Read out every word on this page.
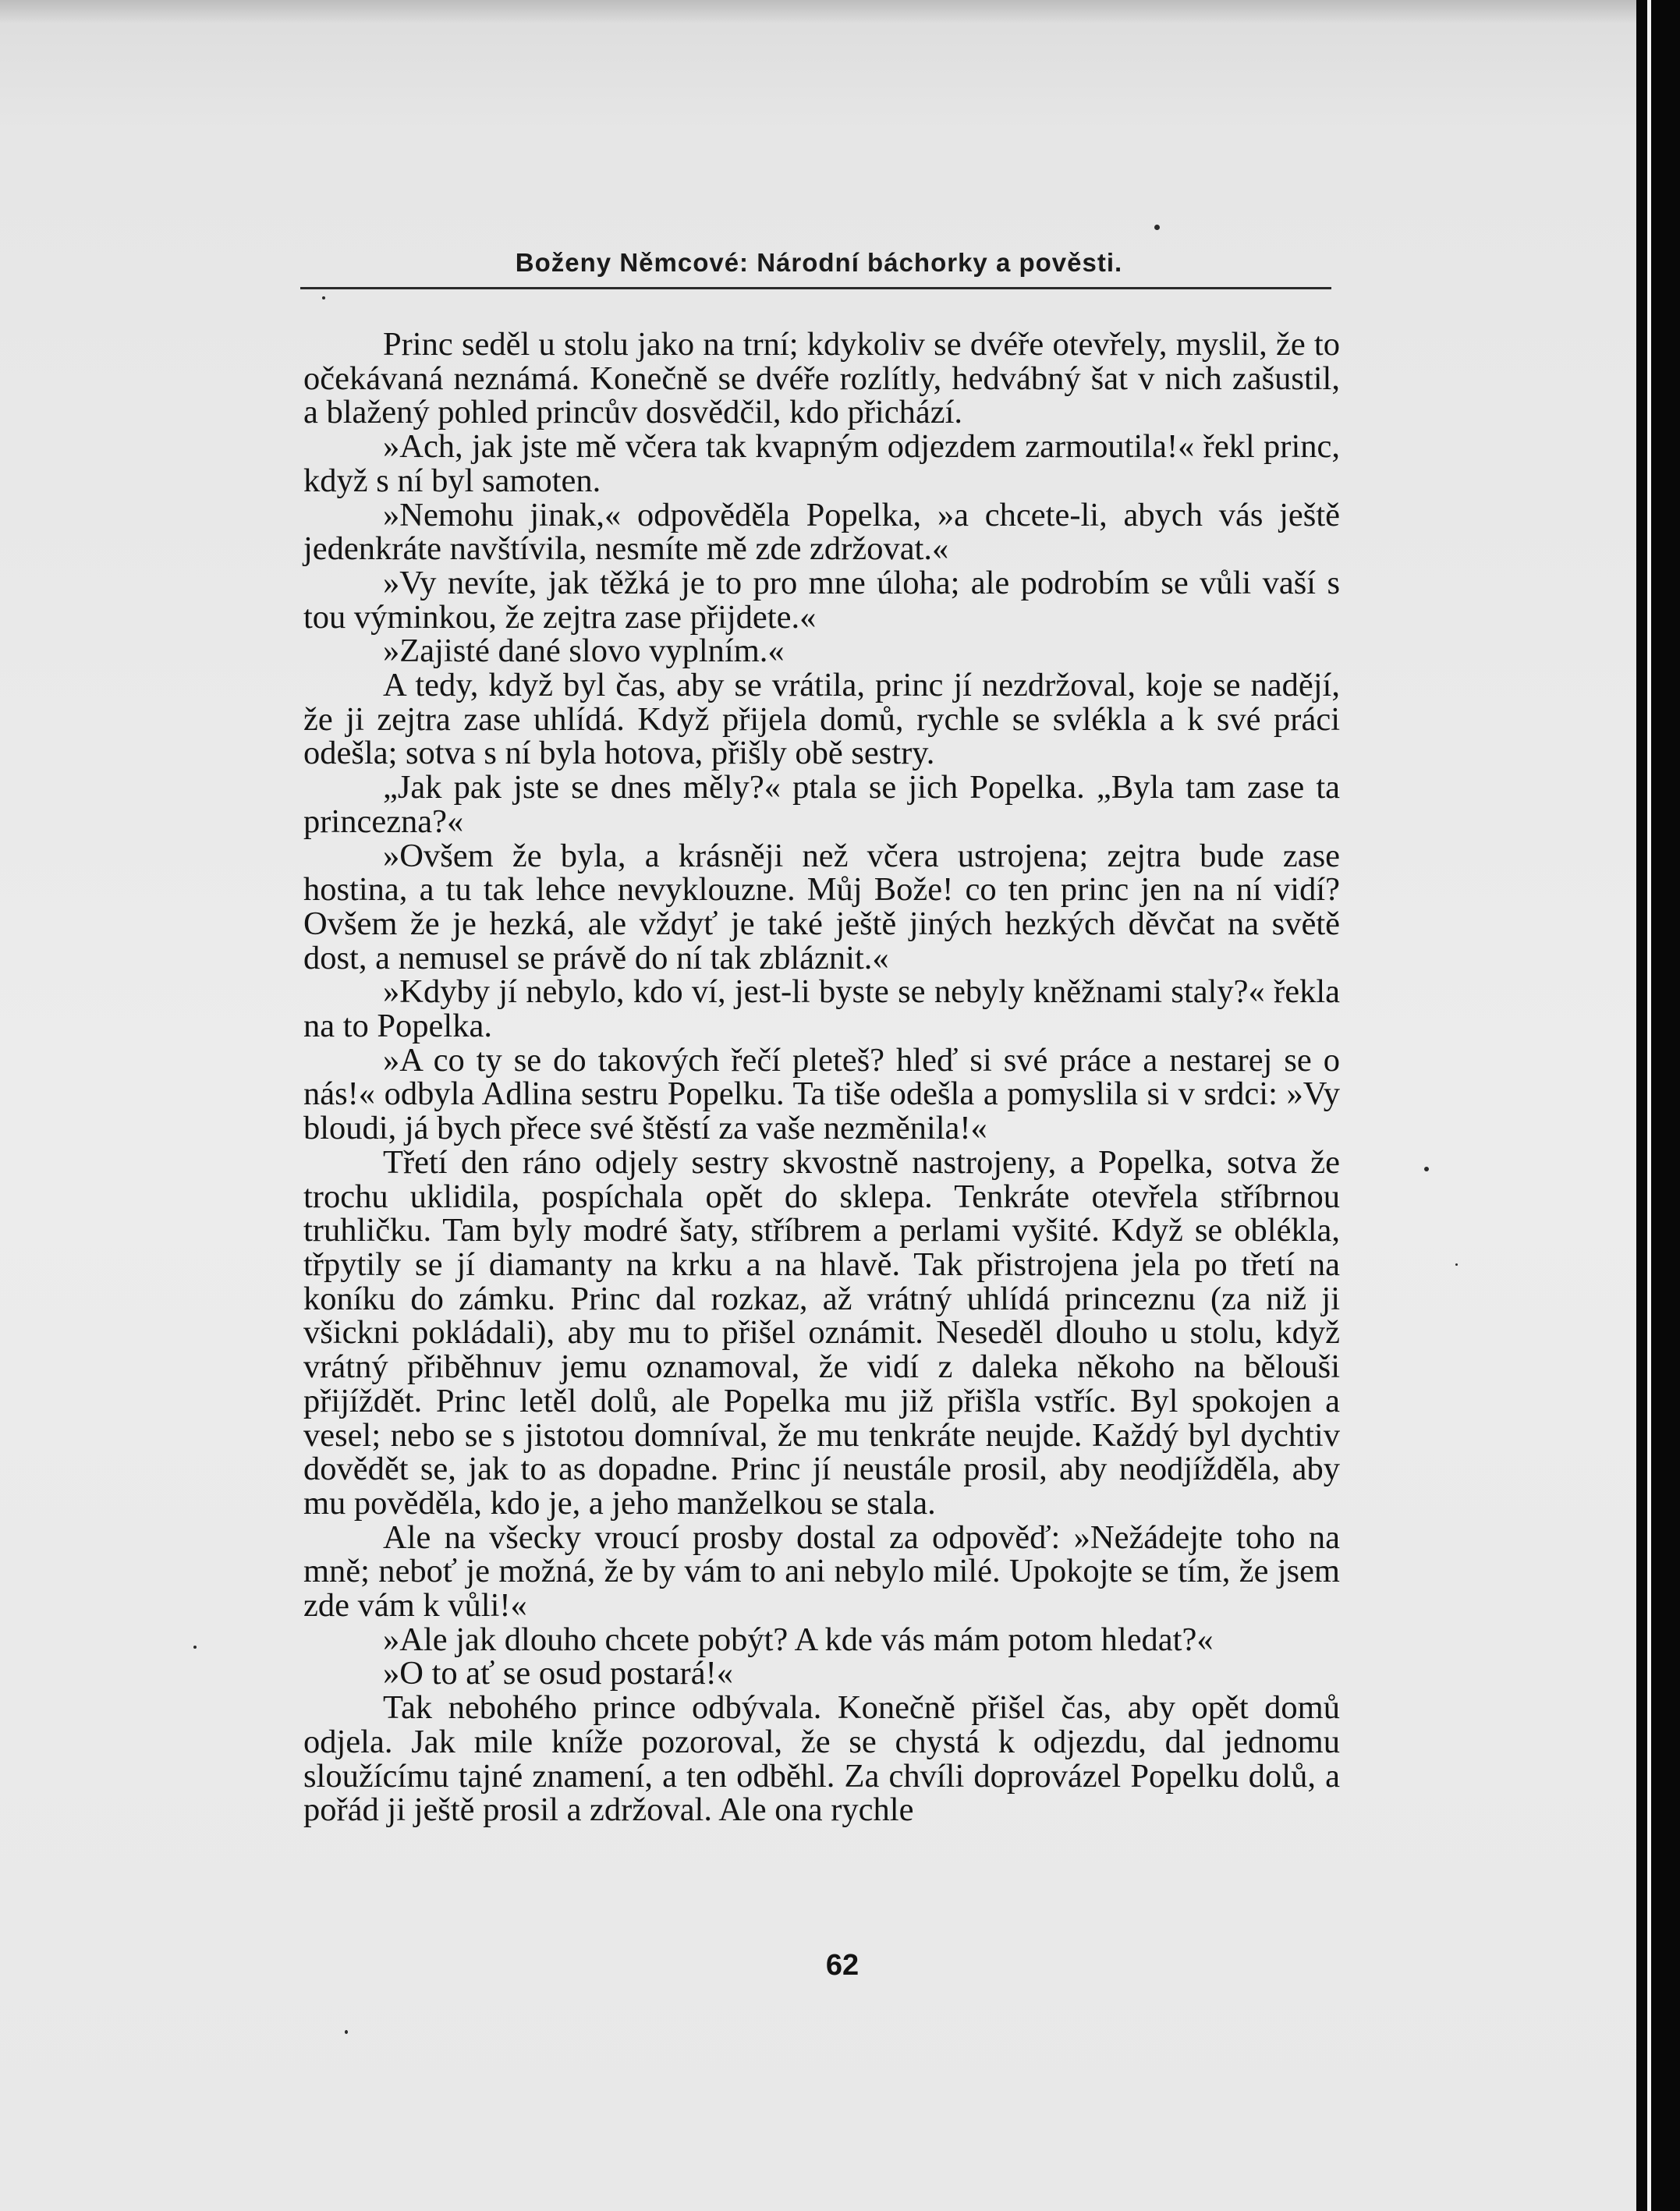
Boženy Němcové: Národní báchorky a pověsti.

Princ seděl u stolu jako na trní; kdykoliv se dvéře otevřely, myslil, že to očekávaná neznámá. Konečně se dvéře rozlítly, hedvábný šat v nich zašustil, a blažený pohled princův dosvědčil, kdo přichází.

»Ach, jak jste mě včera tak kvapným odjezdem zarmoutila!« řekl princ, když s ní byl samoten.

»Nemohu jinak,« odpověděla Popelka, »a chcete-li, abych vás ještě jedenkráte navštívila, nesmíte mě zde zdržovat.«

»Vy nevíte, jak těžká je to pro mne úloha; ale podrobím se vůli vaší s tou výminkou, že zejtra zase přijdete.«

»Zajisté dané slovo vyplním.«

A tedy, když byl čas, aby se vrátila, princ jí nezdržoval, koje se nadějí, že ji zejtra zase uhlídá. Když přijela domů, rychle se svlékla a k své práci odešla; sotva s ní byla hotova, přišly obě sestry.

„Jak pak jste se dnes měly?« ptala se jich Popelka. „Byla tam zase ta princezna?«

»Ovšem že byla, a krásněji než včera ustrojena; zejtra bude zase hostina, a tu tak lehce nevyklouzne. Můj Bože! co ten princ jen na ní vidí? Ovšem že je hezká, ale vždyť je také ještě jiných hezkých děvčat na světě dost, a nemusel se právě do ní tak zbláznit.«

»Kdyby jí nebylo, kdo ví, jest-li byste se nebyly kněžnami staly?« řekla na to Popelka.

»A co ty se do takových řečí pleteš? hleď si své práce a nestarej se o nás!« odbyla Adlina sestru Popelku. Ta tiše odešla a pomyslila si v srdci: »Vy bloudi, já bych přece své štěstí za vaše nezměnila!«

Třetí den ráno odjely sestry skvostně nastrojeny, a Popelka, sotva že trochu uklidila, pospíchala opět do sklepa. Tenkráte otevřela stříbrnou truhličku. Tam byly modré šaty, stříbrem a perlami vyšité. Když se oblékla, třpytily se jí diamanty na krku a na hlavě. Tak přistrojena jela po třetí na koníku do zámku. Princ dal rozkaz, až vrátný uhlídá princeznu (za niž ji všickni pokládali), aby mu to přišel oznámit. Neseděl dlouho u stolu, když vrátný přiběhnuv jemu oznamoval, že vidí z daleka někoho na bělouši přijíždět. Princ letěl dolů, ale Popelka mu již přišla vstříc. Byl spokojen a vesel; nebo se s jistotou domníval, že mu tenkráte neujde. Každý byl dychtiv dovědět se, jak to as dopadne. Princ jí neustále prosil, aby neodjížděla, aby mu pověděla, kdo je, a jeho manželkou se stala.

Ale na všecky vroucí prosby dostal za odpověď: »Nežádejte toho na mně; neboť je možná, že by vám to ani nebylo milé. Upokojte se tím, že jsem zde vám k vůli!«

»Ale jak dlouho chcete pobýt? A kde vás mám potom hledat?«

»O to ať se osud postará!«

Tak nebohého prince odbývala. Konečně přišel čas, aby opět domů odjela. Jak mile kníže pozoroval, že se chystá k odjezdu, dal jednomu sloužícímu tajné znamení, a ten odběhl. Za chvíli doprovázel Popelku dolů, a pořád ji ještě prosil a zdržoval. Ale ona rychle

62
